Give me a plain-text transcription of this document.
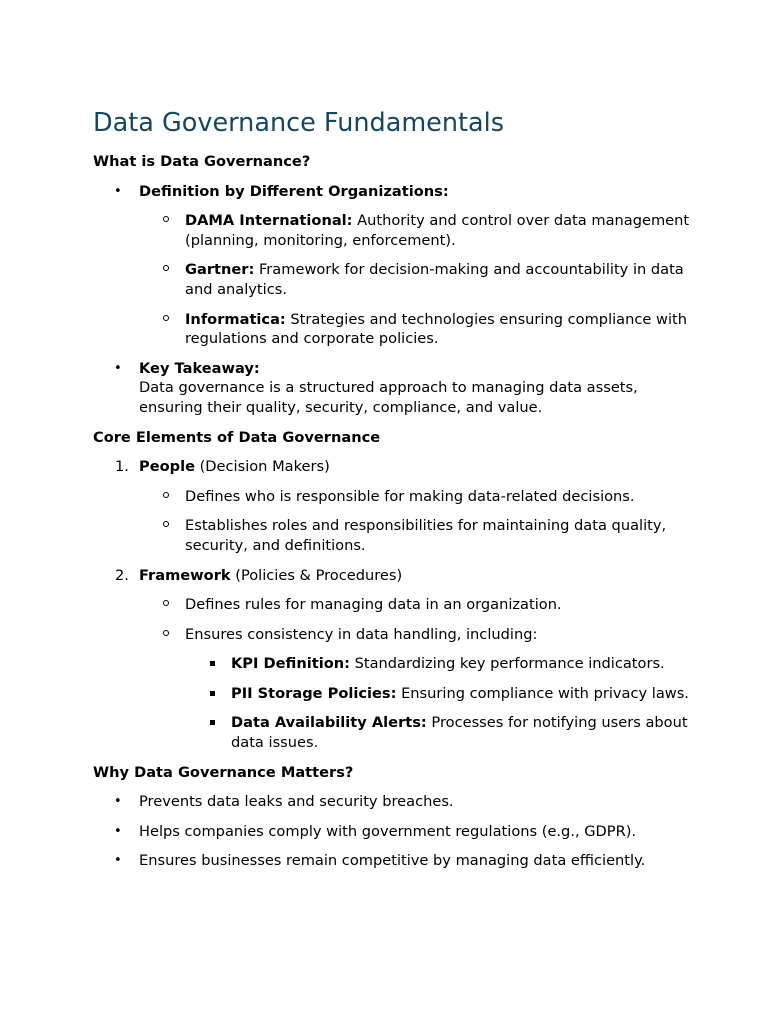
Data Governance Fundamentals
What is Data Governance?
•	Definition by Different Organizations:
DAMA International: Authority and control over data management (planning, monitoring, enforcement).
Gartner: Framework for decision-making and accountability in data and analytics.
Informatica: Strategies and technologies ensuring compliance with regulations and corporate policies.
•	Key Takeaway:
Data governance is a structured approach to managing data assets, ensuring their quality, security, compliance, and value.
Core Elements of Data Governance
1. People (Decision Makers)
Defines who is responsible for making data-related decisions.
Establishes roles and responsibilities for maintaining data quality, security, and definitions.
2. Framework (Policies & Procedures)
Defines rules for managing data in an organization.
Ensures consistency in data handling, including:
KPI Definition: Standardizing key performance indicators.
PII Storage Policies: Ensuring compliance with privacy laws.
Data Availability Alerts: Processes for notifying users about data issues.
Why Data Governance Matters?
•	Prevents data leaks and security breaches.
•	Helps companies comply with government regulations (e.g., GDPR).
•	Ensures businesses remain competitive by managing data efficiently.
